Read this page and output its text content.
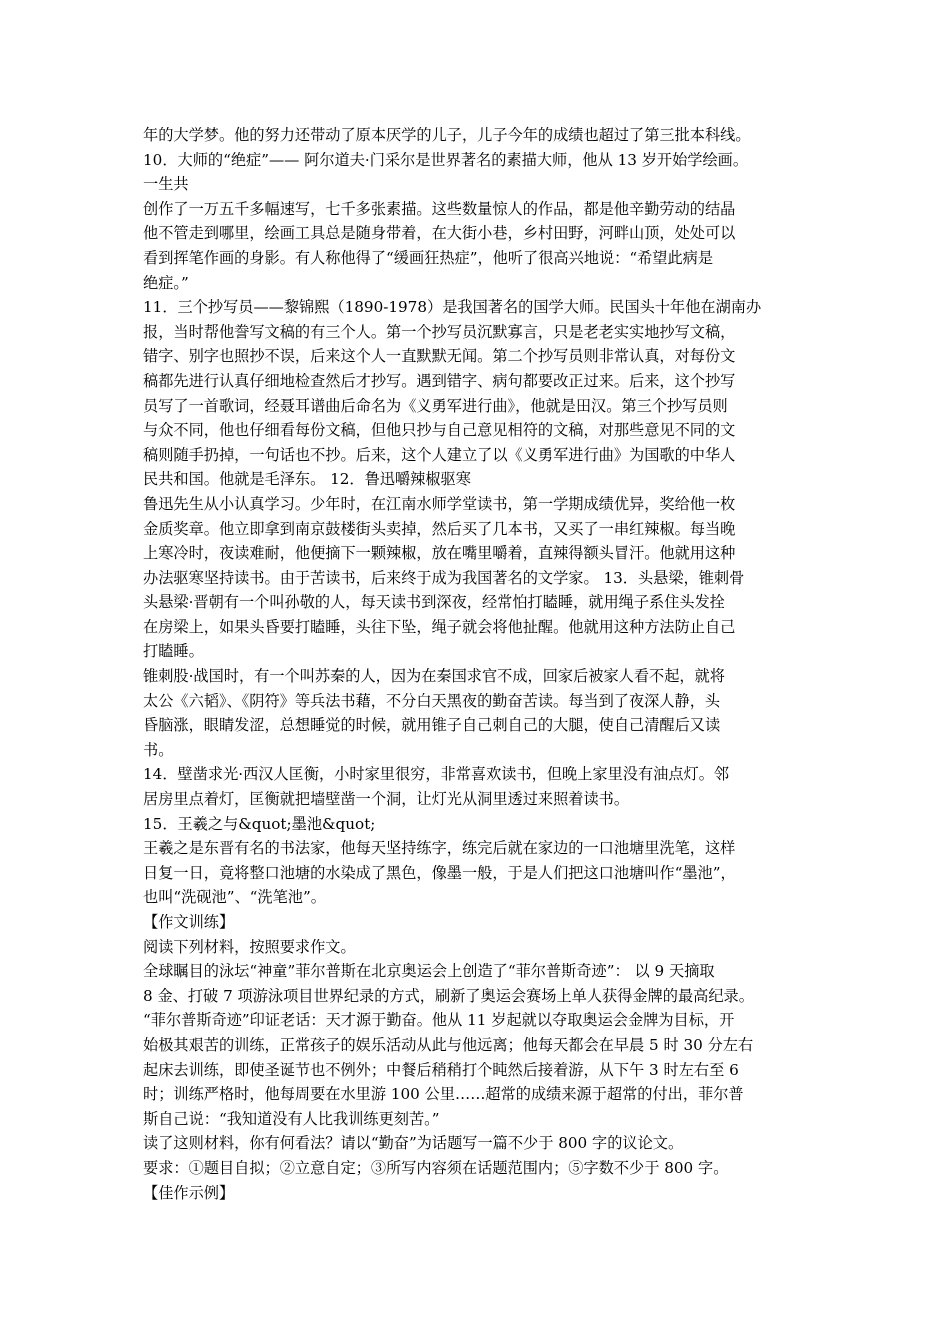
年的大学梦。他的努力还带动了原本厌学的儿子，儿子今年的成绩也超过了第三批本科线。
10．大师的“绝症”—— 阿尔道夫·门采尔是世界著名的素描大师，他从 13 岁开始学绘画。
一生共
创作了一万五千多幅速写，七千多张素描。这些数量惊人的作品，都是他辛勤劳动的结晶
他不管走到哪里，绘画工具总是随身带着，在大街小巷，乡村田野，河畔山顶，处处可以
看到挥笔作画的身影。有人称他得了“缓画狂热症”，他听了很高兴地说：“希望此病是
绝症。”
11．三个抄写员——黎锦熙（1890-1978）是我国著名的国学大师。民国头十年他在湖南办
报，当时帮他誊写文稿的有三个人。第一个抄写员沉默寡言，只是老老实实地抄写文稿，
错字、别字也照抄不误，后来这个人一直默默无闻。第二个抄写员则非常认真，对每份文
稿都先进行认真仔细地检查然后才抄写。遇到错字、病句都要改正过来。后来，这个抄写
员写了一首歌词，经聂耳谱曲后命名为《义勇军进行曲》，他就是田汉。第三个抄写员则
与众不同，他也仔细看每份文稿，但他只抄与自己意见相符的文稿，对那些意见不同的文
稿则随手扔掉，一句话也不抄。后来，这个人建立了以《义勇军进行曲》为国歌的中华人
民共和国。他就是毛泽东。 12．鲁迅嚼辣椒驱寒
鲁迅先生从小认真学习。少年时，在江南水师学堂读书，第一学期成绩优异，奖给他一枚
金质奖章。他立即拿到南京鼓楼街头卖掉，然后买了几本书，又买了一串红辣椒。每当晚
上寒冷时，夜读难耐，他便摘下一颗辣椒，放在嘴里嚼着，直辣得额头冒汗。他就用这种
办法驱寒坚持读书。由于苦读书，后来终于成为我国著名的文学家。 13．头悬梁，锥刺骨
头悬梁·晋朝有一个叫孙敬的人，每天读书到深夜，经常怕打瞌睡，就用绳子系住头发拴
在房梁上，如果头昏要打瞌睡，头往下坠，绳子就会将他扯醒。他就用这种方法防止自己
打瞌睡。
锥刺股·战国时，有一个叫苏秦的人，因为在秦国求官不成，回家后被家人看不起，就将
太公《六韬》、《阴符》等兵法书藉，不分白天黑夜的勤奋苦读。每当到了夜深人静，头
昏脑涨，眼睛发涩，总想睡觉的时候，就用锥子自己刺自己的大腿，使自己清醒后又读
书。
14．壁凿求光·西汉人匡衡，小时家里很穷，非常喜欢读书，但晚上家里没有油点灯。邻
居房里点着灯，匡衡就把墙壁凿一个洞，让灯光从洞里透过来照着读书。
15．王羲之与&quot;墨池&quot;
王羲之是东晋有名的书法家，他每天坚持练字，练完后就在家边的一口池塘里洗笔，这样
日复一日，竟将整口池塘的水染成了黑色，像墨一般，于是人们把这口池塘叫作“墨池”，
也叫“洗砚池”、“洗笔池”。
【作文训练】
阅读下列材料，按照要求作文。
全球瞩目的泳坛“神童”菲尔普斯在北京奥运会上创造了“菲尔普斯奇迹”： 以 9 天摘取
8 金、打破 7 项游泳项目世界纪录的方式，刷新了奥运会赛场上单人获得金牌的最高纪录。
“菲尔普斯奇迹”印证老话：天才源于勤奋。他从 11 岁起就以夺取奥运会金牌为目标，开
始极其艰苦的训练，正常孩子的娱乐活动从此与他远离；他每天都会在早晨 5 时 30 分左右
起床去训练，即使圣诞节也不例外；中餐后稍稍打个盹然后接着游，从下午 3 时左右至 6
时；训练严格时，他每周要在水里游 100 公里……超常的成绩来源于超常的付出，菲尔普
斯自己说：“我知道没有人比我训练更刻苦。”
读了这则材料，你有何看法？请以“勤奋”为话题写一篇不少于 800 字的议论文。
要求：①题目自拟；②立意自定；③所写内容须在话题范围内；⑤字数不少于 800 字。
【佳作示例】
